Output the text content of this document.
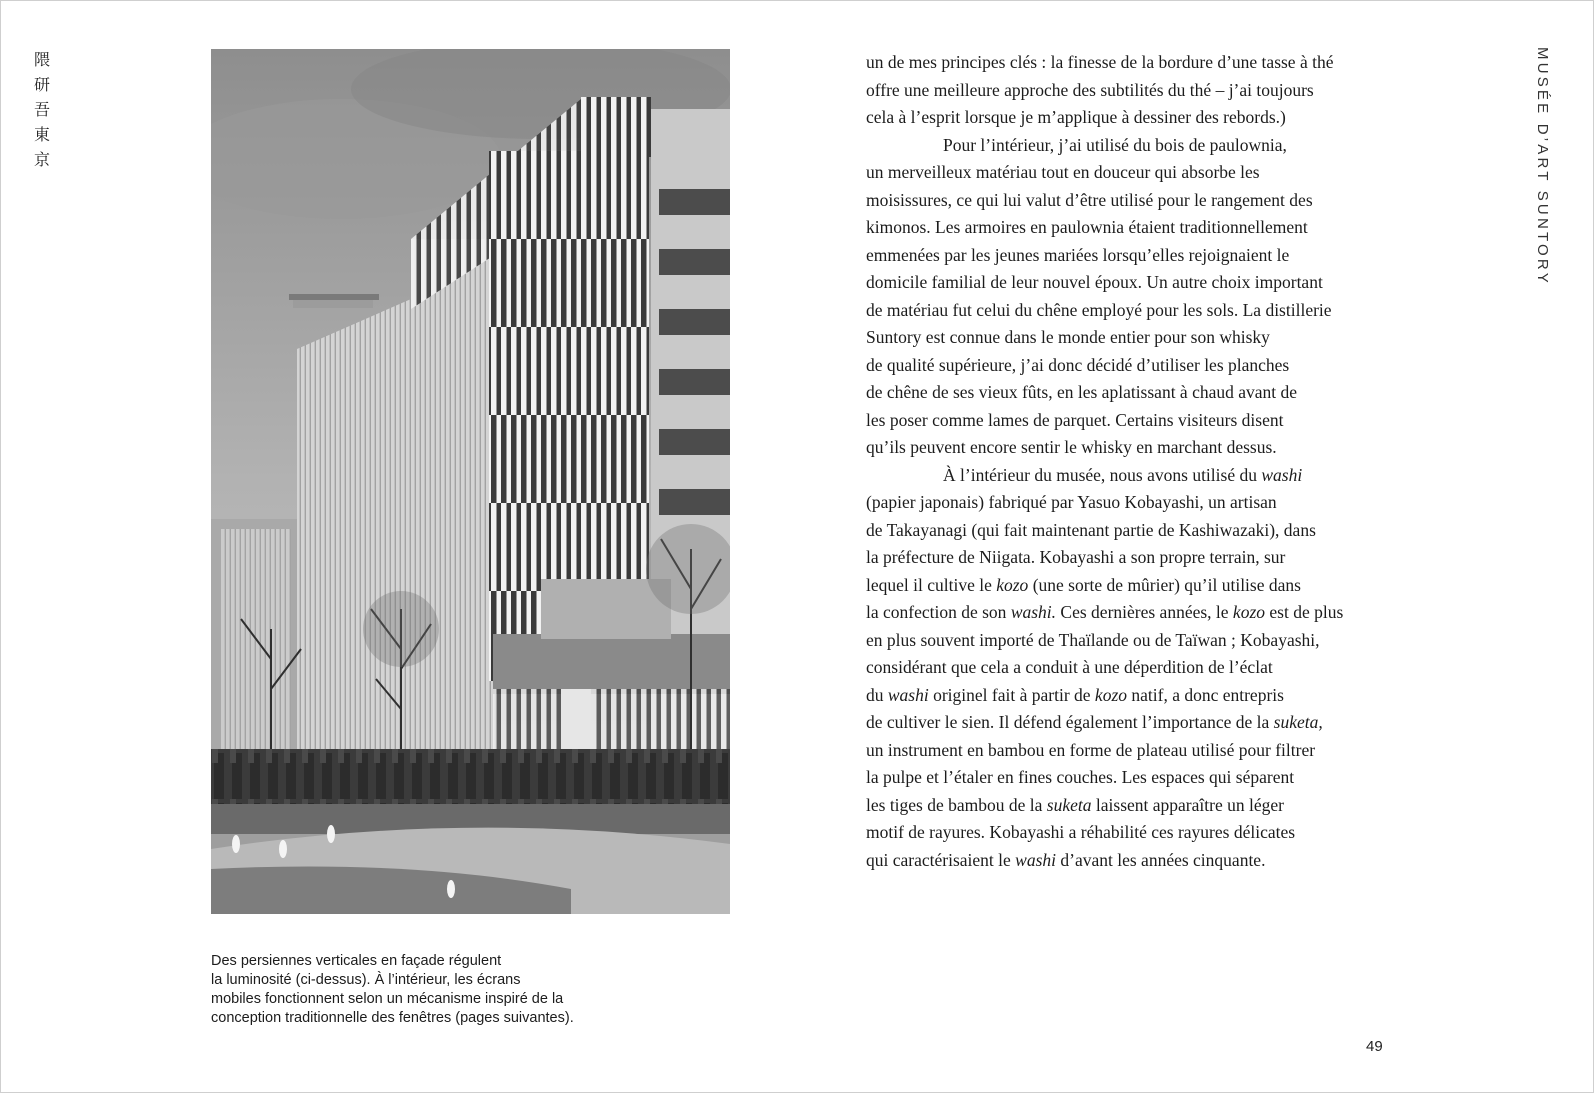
隈
研
吾
東
京	MUSÉE D’ART SUNTORY
Des persiennes verticales en façade régulent
la luminosité (ci-dessus). À l’intérieur, les écrans
mobiles fonctionnent selon un mécanisme inspiré de la
conception traditionnelle des fenêtres (pages suivantes).
un de mes principes clés : la finesse de la bordure d’une tasse à thé
offre une meilleure approche des subtilités du thé – j’ai toujours
cela à l’esprit lorsque je m’applique à dessiner des rebords.)
Pour l’intérieur, j’ai utilisé du bois de paulownia,
un merveilleux matériau tout en douceur qui absorbe les
moisissures, ce qui lui valut d’être utilisé pour le rangement des
kimonos. Les armoires en paulownia étaient traditionnellement
emmenées par les jeunes mariées lorsqu’elles rejoignaient le
domicile familial de leur nouvel époux. Un autre choix important
de matériau fut celui du chêne employé pour les sols. La distillerie
Suntory est connue dans le monde entier pour son whisky
de qualité supérieure, j’ai donc décidé d’utiliser les planches
de chêne de ses vieux fûts, en les aplatissant à chaud avant de
les poser comme lames de parquet. Certains visiteurs disent
qu’ils peuvent encore sentir le whisky en marchant dessus.
À l’intérieur du musée, nous avons utilisé du washi
(papier japonais) fabriqué par Yasuo Kobayashi, un artisan
de Takayanagi (qui fait maintenant partie de Kashiwazaki), dans
la préfecture de Niigata. Kobayashi a son propre terrain, sur
lequel il cultive le kozo (une sorte de mûrier) qu’il utilise dans
la confection de son washi. Ces dernières années, le kozo est de plus
en plus souvent importé de Thaïlande ou de Taïwan ; Kobayashi,
considérant que cela a conduit à une déperdition de l’éclat
du washi originel fait à partir de kozo natif, a donc entrepris
de cultiver le sien. Il défend également l’importance de la suketa,
un instrument en bambou en forme de plateau utilisé pour filtrer
la pulpe et l’étaler en fines couches. Les espaces qui séparent
les tiges de bambou de la suketa laissent apparaître un léger
motif de rayures. Kobayashi a réhabilité ces rayures délicates
qui caractérisaient le washi d’avant les années cinquante.
49
